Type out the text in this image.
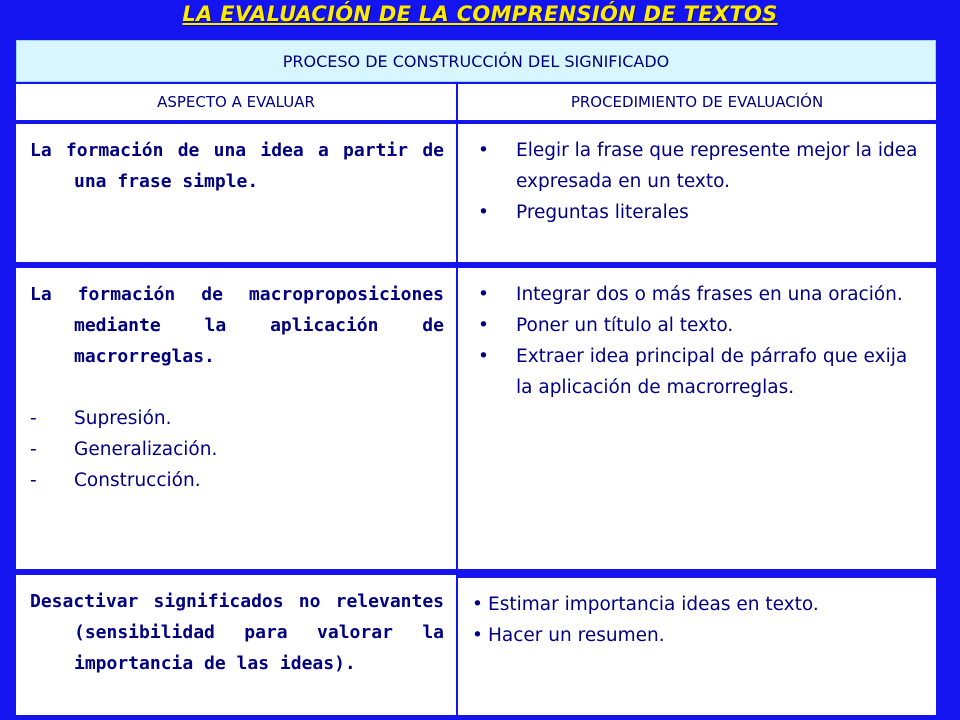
LA EVALUACIÓN DE LA COMPRENSIÓN DE TEXTOS
PROCESO DE CONSTRUCCIÓN DEL SIGNIFICADO
ASPECTO A EVALUAR	PROCEDIMIENTO DE EVALUACIÓN

La formación de una idea a partir de una frase simple.

• Elegir la frase que represente mejor la idea expresada en un texto.
• Preguntas literales

La formación de macroproposiciones mediante la aplicación de macrorreglas.

- Supresión.
- Generalización.
- Construcción.
• Integrar dos o más frases en una oración.
• Poner un título al texto.
• Extraer idea principal de párrafo que exija la aplicación de macrorreglas.

Desactivar significados no relevantes (sensibilidad para valorar la importancia de las ideas).

• Estimar importancia ideas en texto.
• Hacer un resumen.
